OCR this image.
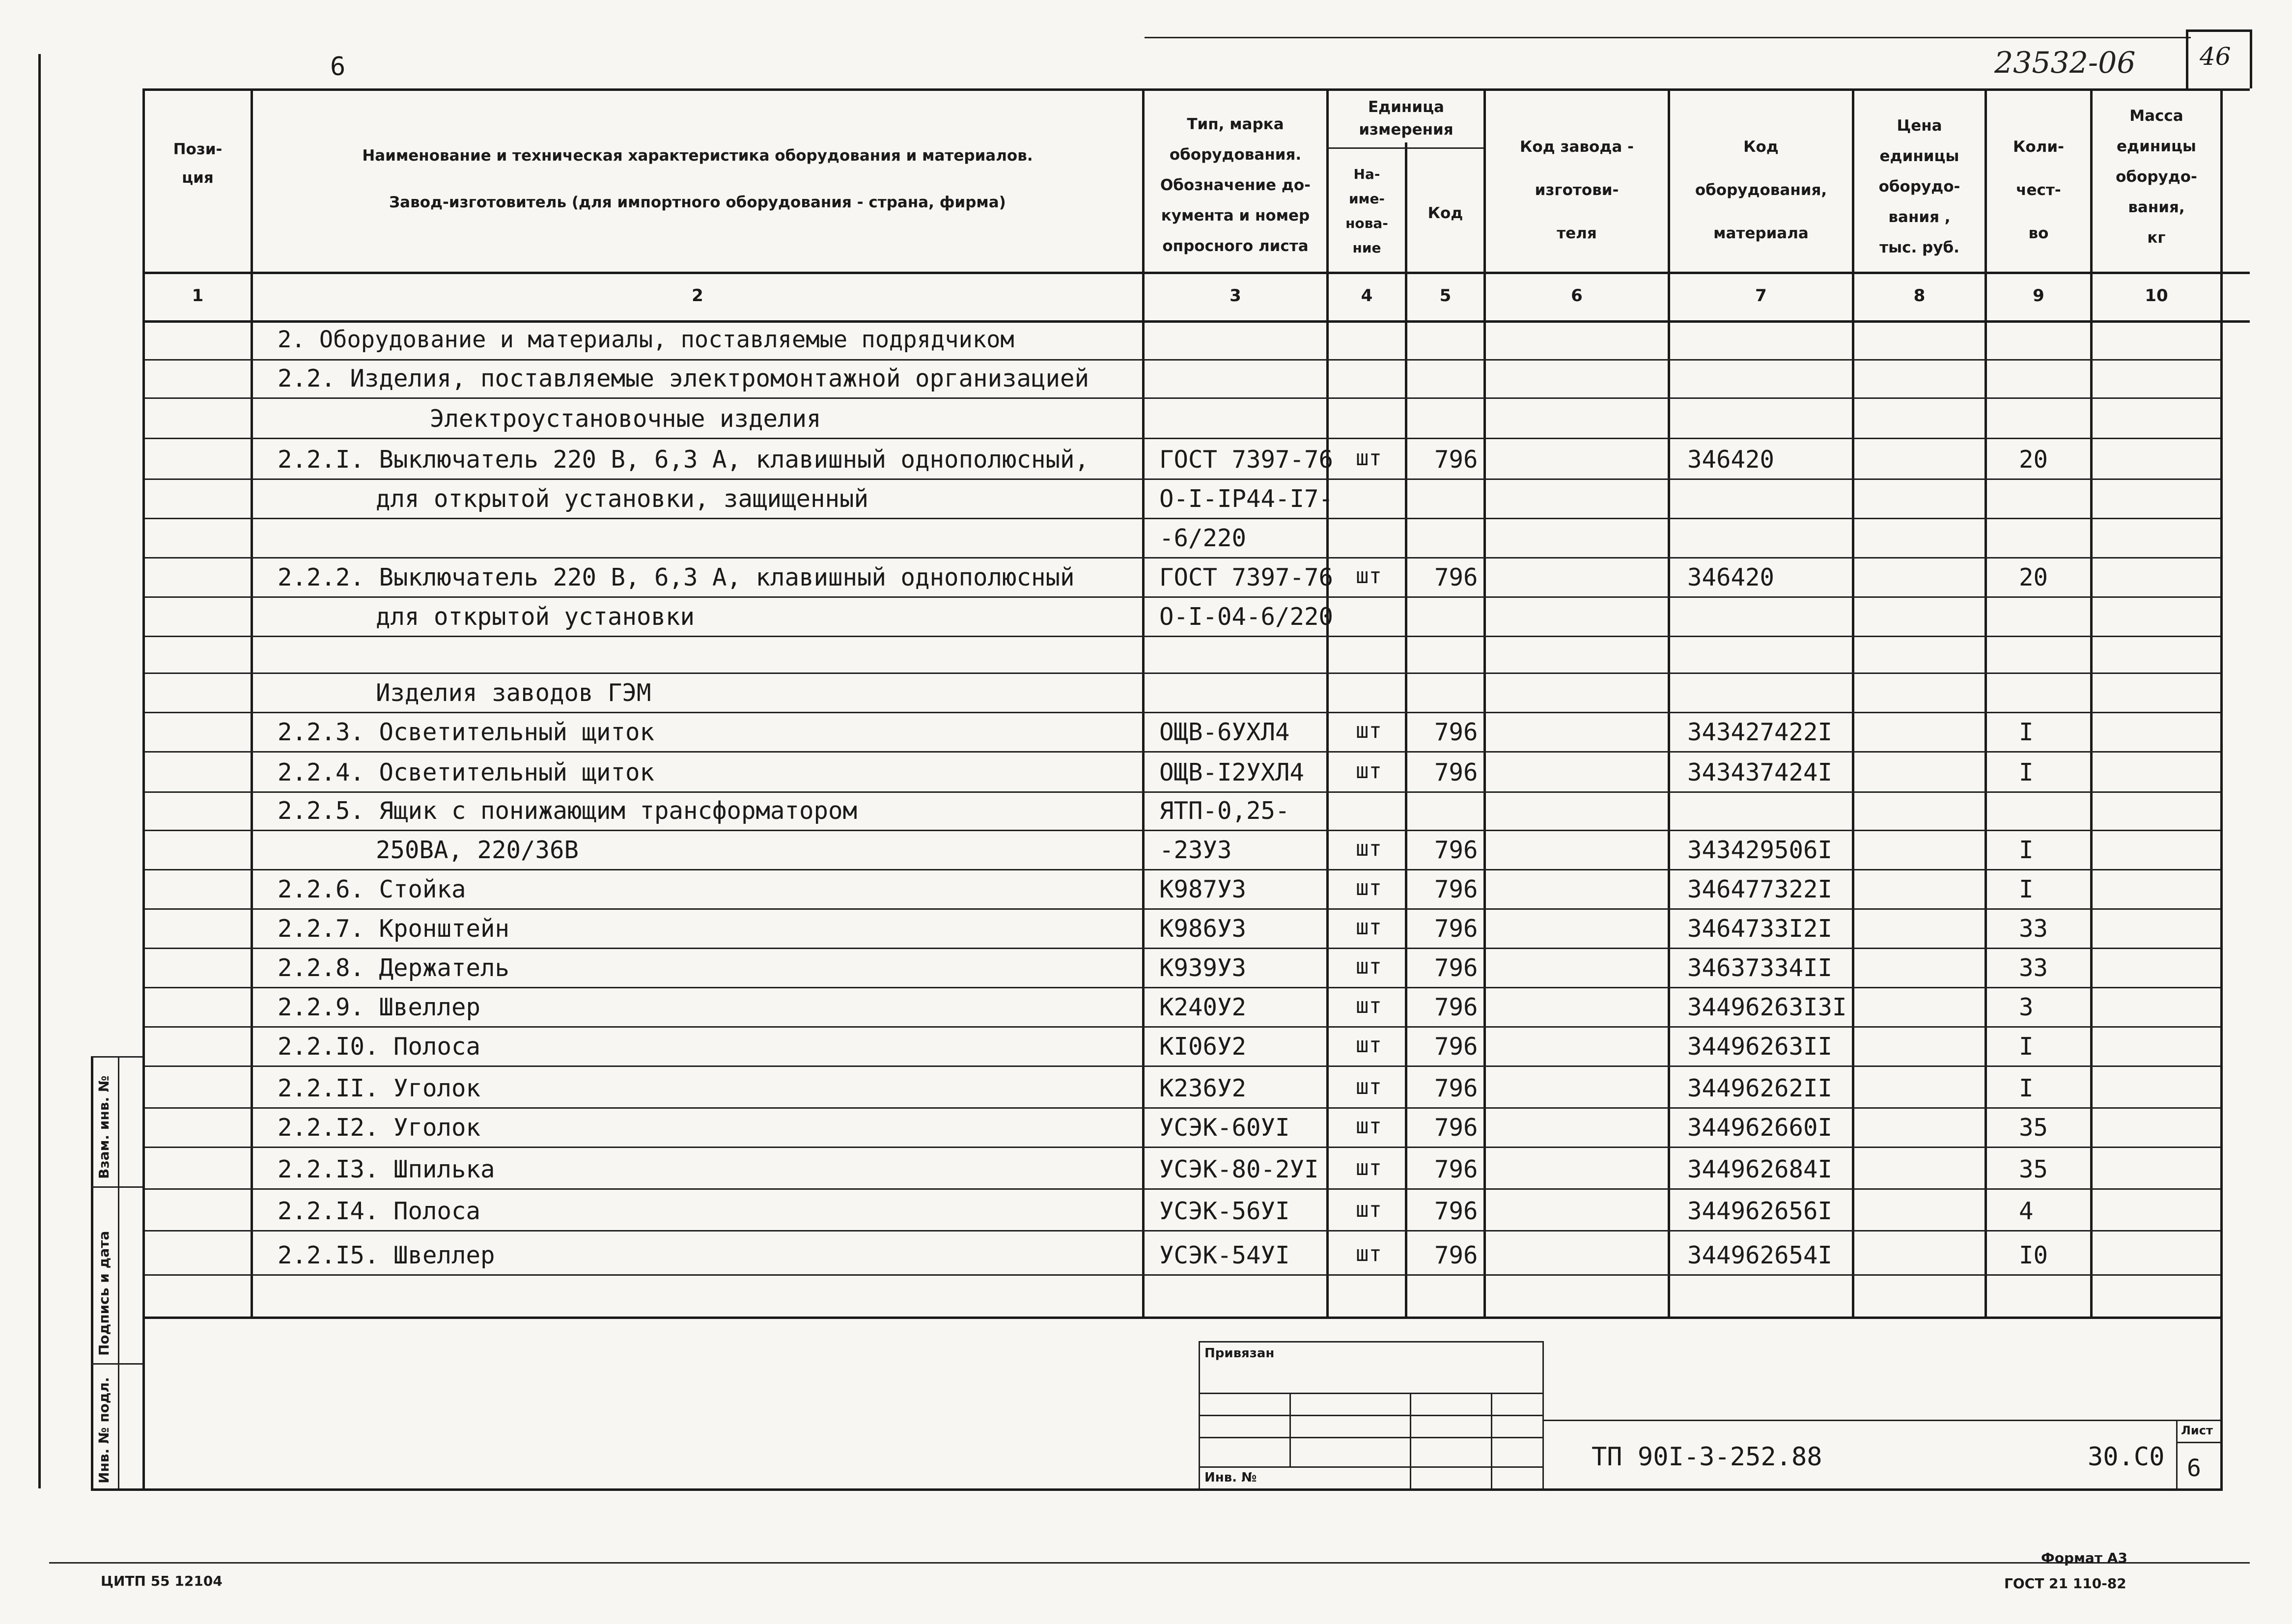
6	23532-06	46
Пози-
ция
Наименование и техническая характеристика оборудования и материалов.
Завод-изготовитель (для импортного оборудования - страна, фирма)
Тип, марка
оборудования.
Обозначение до-
кумента и номер
опросного листа
Единица
измерения
На-
име-
нова-
ние
Код
Код завода -
изготови-
теля
Код
оборудования,
материала
Цена
единицы
оборудо-
вания ,
тыс. руб.
Коли-
чест-
во
Масса
единицы
оборудо-
вания,
кг
1	2	3	4	5	6	7	8	9	10
2. Оборудование и материалы, поставляемые подрядчиком
2.2. Изделия, поставляемые электромонтажной организацией
Электроустановочные изделия
2.2.I. Выключатель 220 В, 6,3 А, клавишный однополюсный,	ГОСТ 7397-76 шт 796	346420	20
для открытой установки, защищенный	О-I-IP44-I7-
-6/220
2.2.2. Выключатель 220 В, 6,3 А, клавишный однополюсный	ГОСТ 7397-76 шт 796	346420	20
для открытой установки	О-I-04-6/220
Изделия заводов ГЭМ
2.2.3. Осветительный щиток	ОЩВ-6УХЛ4	шт 796	343427422I	I
2.2.4. Осветительный щиток	ОЩВ-I2УХЛ4 шт 796	343437424I	I
2.2.5. Ящик с понижающим трансформатором	ЯТП-0,25-
250ВА, 220/36В	-23У3	шт 796	343429506I	I
2.2.6. Стойка	К987У3	шт 796	346477322I	I
2.2.7. Кронштейн	К986У3	шт 796	3464733I2I	33
2.2.8. Держатель	К939У3	шт 796	34637334II	33
2.2.9. Швеллер	К240У2	шт 796	34496263I3I	3
2.2.I0. Полоса	КI06У2	шт 796	34496263II	I
2.2.II. Уголок	К236У2	шт 796	34496262II	I
2.2.I2. Уголок	УСЭК-60УI	шт 796	344962660I	35
2.2.I3. Шпилька	УСЭК-80-2УI шт 796	344962684I	35
2.2.I4. Полоса	УСЭК-56УI	шт 796	344962656I	4
2.2.I5. Швеллер	УСЭК-54УI	шт 796	344962654I	I0
Взам. инв. №
Подпись и дата
Инв. № подл.
Привязан
Инв. №
ТП 90I-3-252.88	30.С0
Лист
6
ЦИТП 55 12104
Формат А3
ГОСТ 21 110-82
